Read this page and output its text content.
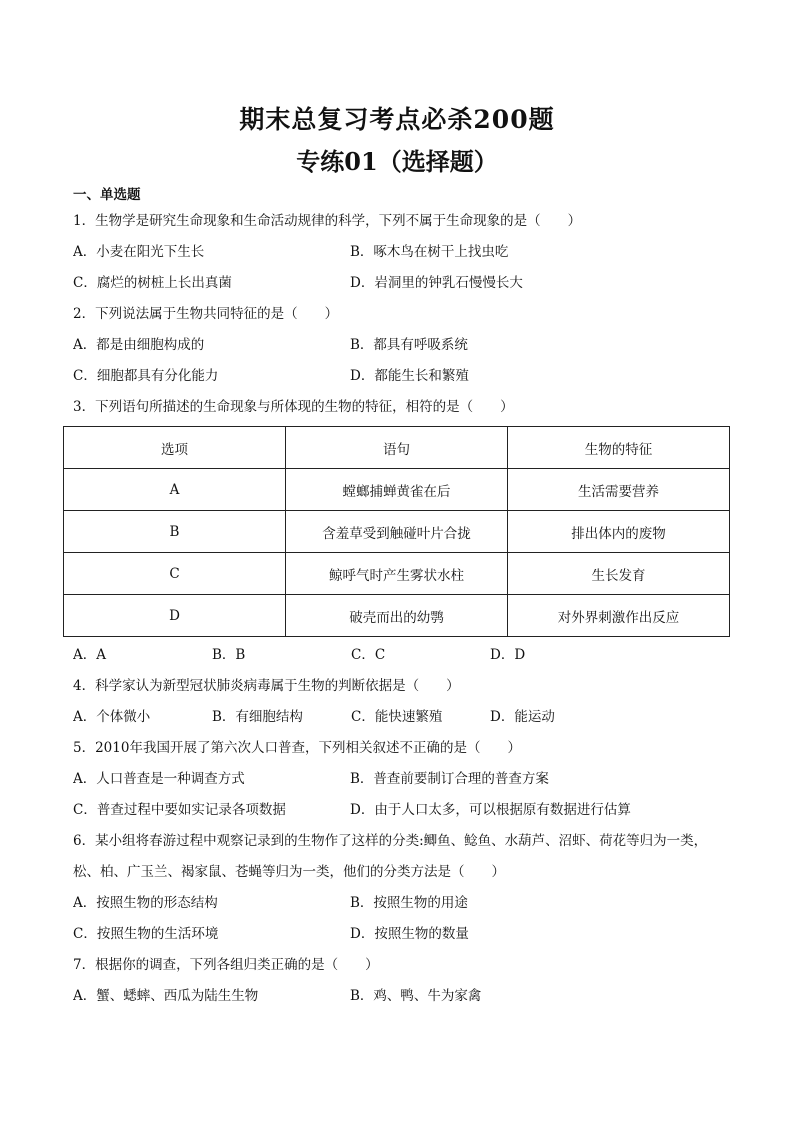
期末总复习考点必杀200题
专练01（选择题）
一、单选题
1．生物学是研究生命现象和生命活动规律的科学，下列不属于生命现象的是（　　）
A．小麦在阳光下生长	B．啄木鸟在树干上找虫吃
C．腐烂的树桩上长出真菌	D．岩洞里的钟乳石慢慢长大
2．下列说法属于生物共同特征的是（　　）
A．都是由细胞构成的	B．都具有呼吸系统
C．细胞都具有分化能力	D．都能生长和繁殖
3．下列语句所描述的生命现象与所体现的生物的特征，相符的是（　　）
选项	语句	生物的特征
A	螳螂捕蝉黄雀在后	生活需要营养
B	含羞草受到触碰叶片合拢	排出体内的废物
C	鲸呼气时产生雾状水柱	生长发育
D	破壳而出的幼鹗	对外界刺激作出反应
A．A	B．B	C．C	D．D
4．科学家认为新型冠状肺炎病毒属于生物的判断依据是（　　）
A．个体微小	B．有细胞结构	C．能快速繁殖	D．能运动
5．2010年我国开展了第六次人口普查，下列相关叙述不正确的是（　　）
A．人口普查是一种调查方式	B．普查前要制订合理的普查方案
C．普查过程中要如实记录各项数据	D．由于人口太多，可以根据原有数据进行估算
6．某小组将春游过程中观察记录到的生物作了这样的分类:鲫鱼、鲶鱼、水葫芦、沼虾、荷花等归为一类，
松、柏、广玉兰、褐家鼠、苍蝇等归为一类，他们的分类方法是（　　）
A．按照生物的形态结构	B．按照生物的用途
C．按照生物的生活环境	D．按照生物的数量
7．根据你的调查，下列各组归类正确的是（　　）
A．蟹、蟋蟀、西瓜为陆生生物	B．鸡、鸭、牛为家禽
